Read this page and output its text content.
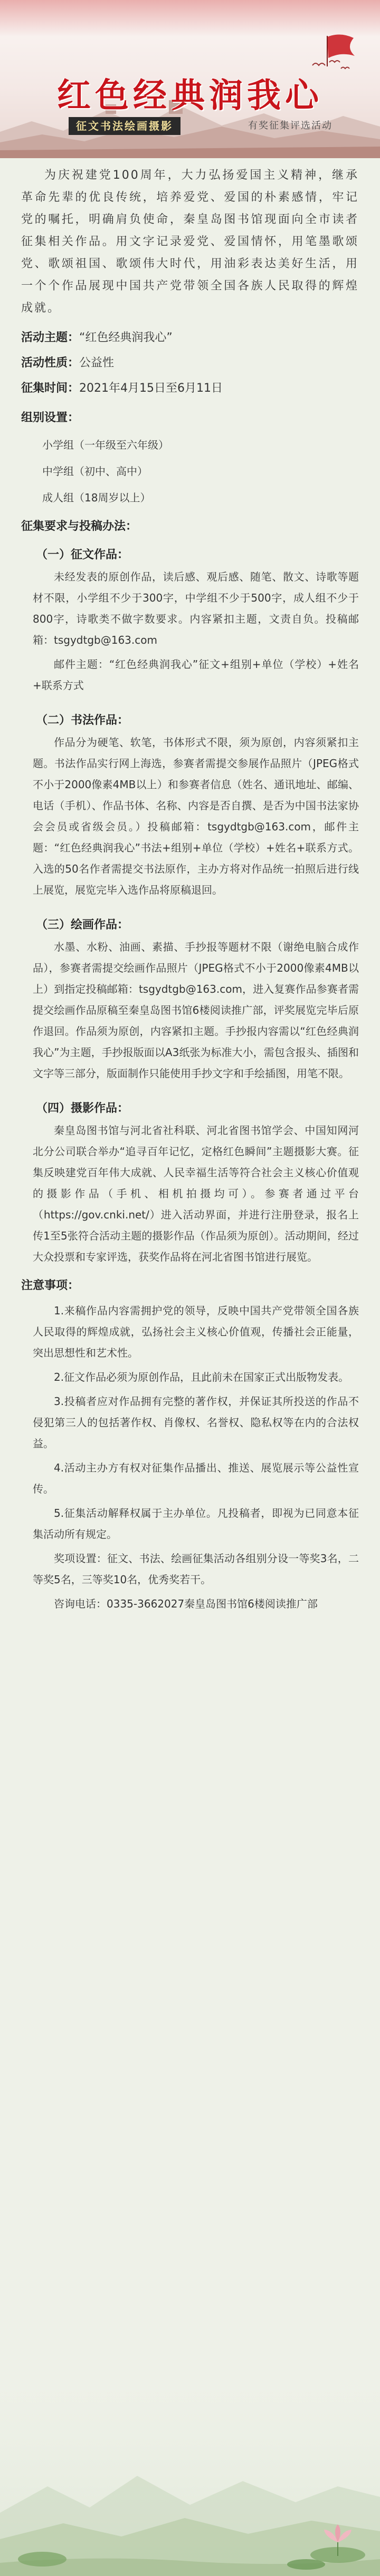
红色经典润我心
征文书法绘画摄影	有奖征集评选活动

为庆祝建党100周年，大力弘扬爱国主义精神，继承革命先辈的优良传统，培养爱党、爱国的朴素感情，牢记党的嘱托，明确肩负使命，秦皇岛图书馆现面向全市读者征集相关作品。用文字记录爱党、爱国情怀，用笔墨歌颂党、歌颂祖国、歌颂伟大时代，用油彩表达美好生活，用一个个作品展现中国共产党带领全国各族人民取得的辉煌成就。

活动主题：“红色经典润我心”

活动性质：公益性

征集时间：2021年4月15日至6月11日

组别设置：

小学组（一年级至六年级）

中学组（初中、高中）

成人组（18周岁以上）

征集要求与投稿办法：

（一）征文作品：

未经发表的原创作品，读后感、观后感、随笔、散文、诗歌等题材不限，小学组不少于300字，中学组不少于500字，成人组不少于800字，诗歌类不做字数要求。内容紧扣主题，文责自负。投稿邮箱：tsgydtgb@163.com

邮件主题：“红色经典润我心”征文+组别+单位（学校）+姓名+联系方式

（二）书法作品：

作品分为硬笔、软笔，书体形式不限，须为原创，内容须紧扣主题。书法作品实行网上海选，参赛者需提交参展作品照片（JPEG格式不小于2000像素4MB以上）和参赛者信息（姓名、通讯地址、邮编、电话（手机）、作品书体、名称、内容是否自撰、是否为中国书法家协会会员或省级会员。）投稿邮箱：tsgydtgb@163.com，邮件主题：“红色经典润我心”书法+组别+单位（学校）+姓名+联系方式。入选的50名作者需提交书法原作，主办方将对作品统一拍照后进行线上展览，展览完毕入选作品将原稿退回。

（三）绘画作品：

水墨、水粉、油画、素描、手抄报等题材不限（谢绝电脑合成作品），参赛者需提交绘画作品照片（JPEG格式不小于2000像素4MB以上）到指定投稿邮箱：tsgydtgb@163.com，进入复赛作品参赛者需提交绘画作品原稿至秦皇岛图书馆6楼阅读推广部，评奖展览完毕后原作退回。作品须为原创，内容紧扣主题。手抄报内容需以“红色经典润我心”为主题，手抄报版面以A3纸张为标准大小，需包含报头、插图和文字等三部分，版面制作只能使用手抄文字和手绘插图，用笔不限。

（四）摄影作品：

秦皇岛图书馆与河北省社科联、河北省图书馆学会、中国知网河北分公司联合举办“追寻百年记忆，定格红色瞬间”主题摄影大赛。征集反映建党百年伟大成就、人民幸福生活等符合社会主义核心价值观的摄影作品（手机、相机拍摄均可）。参赛者通过平台（https://gov.cnki.net/）进入活动界面，并进行注册登录，报名上传1至5张符合活动主题的摄影作品（作品须为原创）。活动期间，经过大众投票和专家评选，获奖作品将在河北省图书馆进行展览。

注意事项：

1.来稿作品内容需拥护党的领导，反映中国共产党带领全国各族人民取得的辉煌成就，弘扬社会主义核心价值观，传播社会正能量，突出思想性和艺术性。

2.征文作品必须为原创作品，且此前未在国家正式出版物发表。

3.投稿者应对作品拥有完整的著作权，并保证其所投送的作品不侵犯第三人的包括著作权、肖像权、名誉权、隐私权等在内的合法权益。

4.活动主办方有权对征集作品播出、推送、展览展示等公益性宣传。

5.征集活动解释权属于主办单位。凡投稿者，即视为已同意本征集活动所有规定。

奖项设置：征文、书法、绘画征集活动各组别分设一等奖3名，二等奖5名，三等奖10名，优秀奖若干。

咨询电话：0335-3662027秦皇岛图书馆6楼阅读推广部
